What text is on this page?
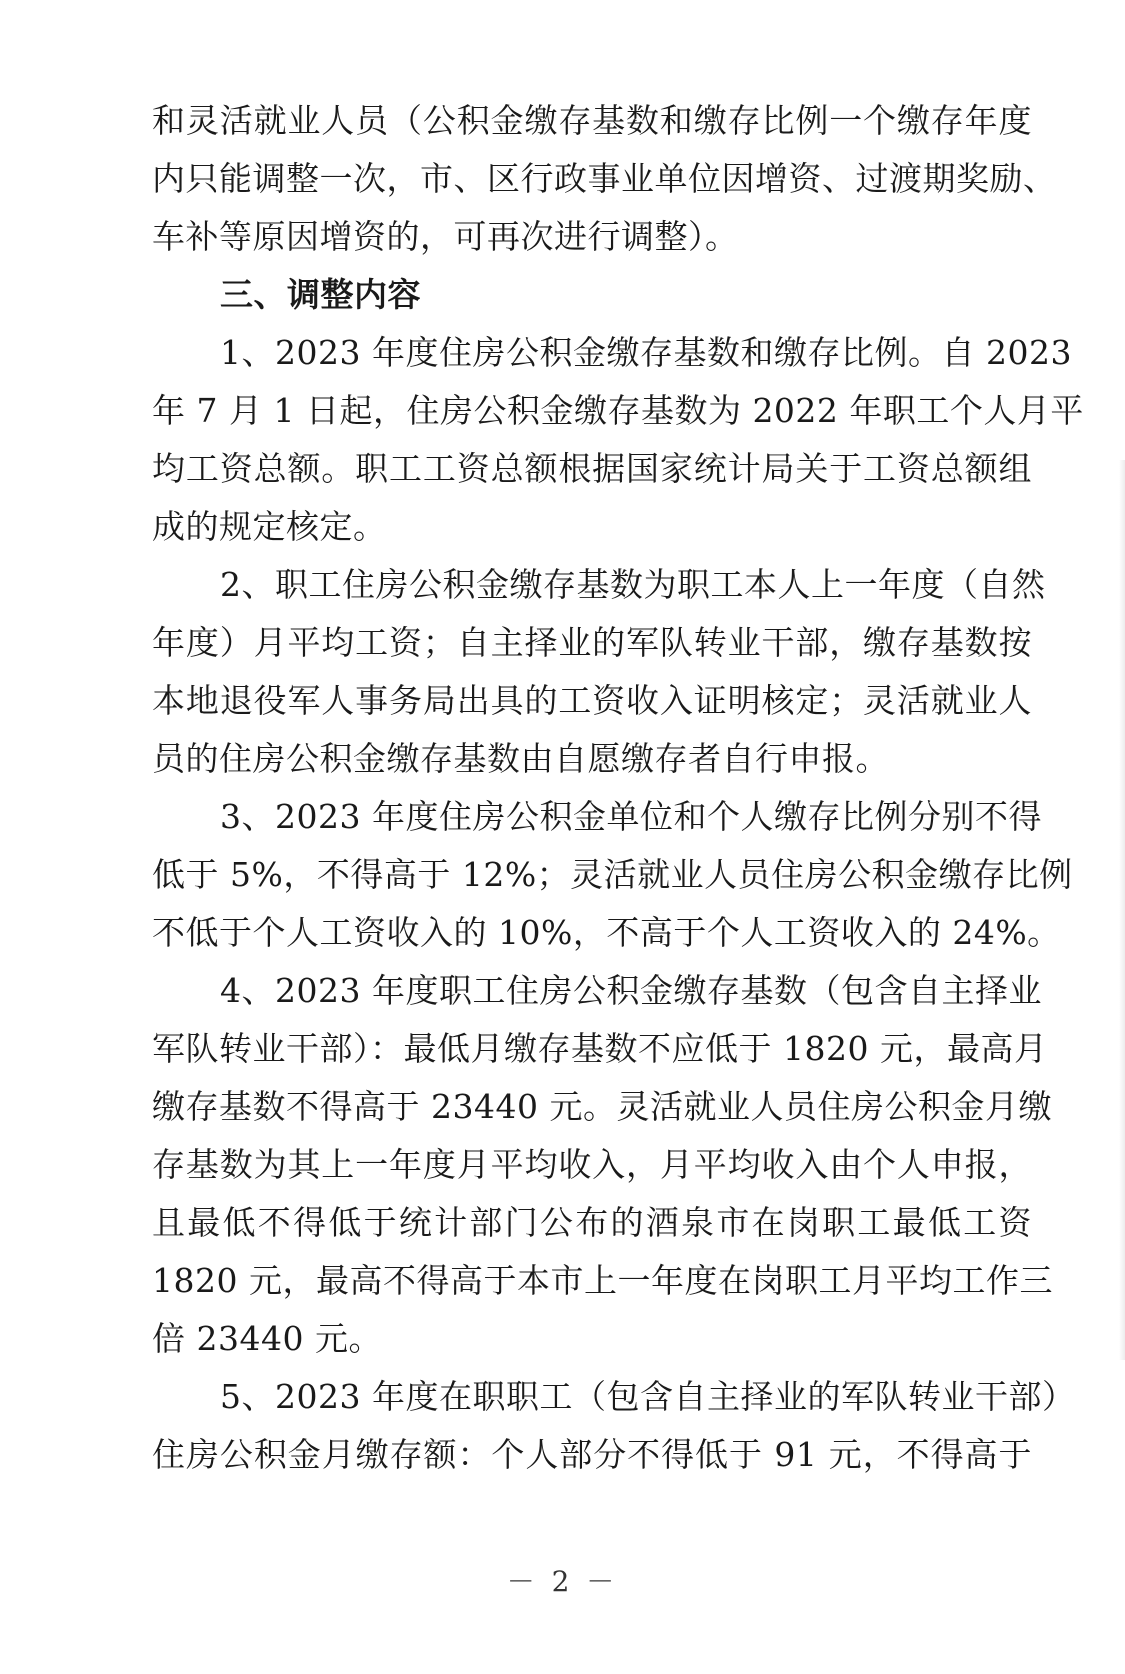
和灵活就业人员（公积金缴存基数和缴存比例一个缴存年度
内只能调整一次，市、区行政事业单位因增资、过渡期奖励、
车补等原因增资的，可再次进行调整）。
三、调整内容
1、2023 年度住房公积金缴存基数和缴存比例。自 2023
年 7 月 1 日起，住房公积金缴存基数为 2022 年职工个人月平
均工资总额。职工工资总额根据国家统计局关于工资总额组
成的规定核定。
2、职工住房公积金缴存基数为职工本人上一年度（自然
年度）月平均工资；自主择业的军队转业干部，缴存基数按
本地退役军人事务局出具的工资收入证明核定；灵活就业人
员的住房公积金缴存基数由自愿缴存者自行申报。
3、2023 年度住房公积金单位和个人缴存比例分别不得
低于 5%，不得高于 12%；灵活就业人员住房公积金缴存比例
不低于个人工资收入的 10%，不高于个人工资收入的 24%。
4、2023 年度职工住房公积金缴存基数（包含自主择业
军队转业干部）：最低月缴存基数不应低于 1820 元，最高月
缴存基数不得高于 23440 元。灵活就业人员住房公积金月缴
存基数为其上一年度月平均收入，月平均收入由个人申报，
且最低不得低于统计部门公布的酒泉市在岗职工最低工资
1820 元，最高不得高于本市上一年度在岗职工月平均工作三
倍 23440 元。
5、2023 年度在职职工（包含自主择业的军队转业干部）
住房公积金月缴存额：个人部分不得低于 91 元，不得高于
－ 2 －
